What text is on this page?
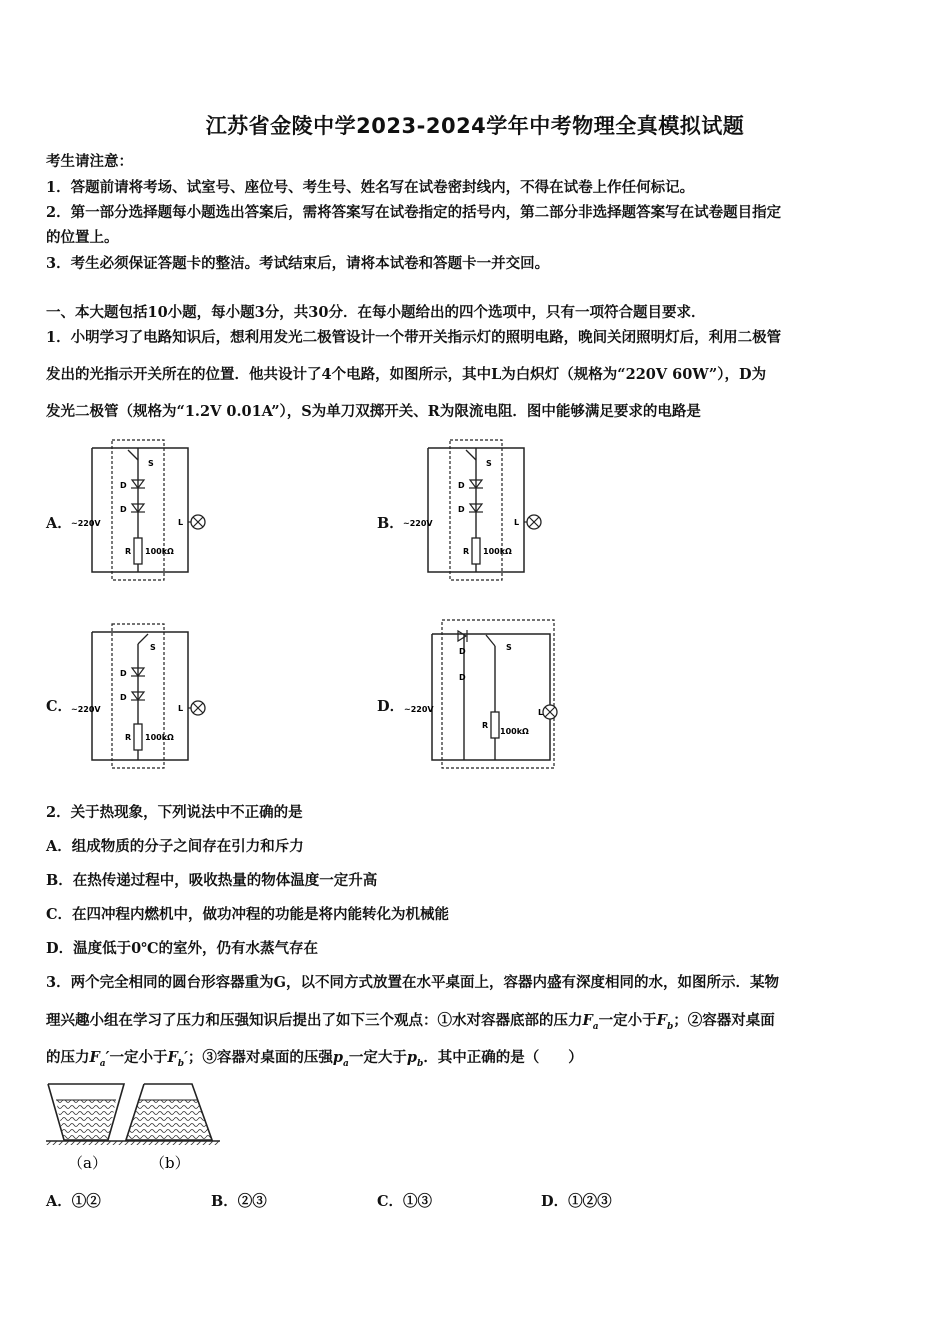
江苏省金陵中学2023-2024学年中考物理全真模拟试题
考生请注意：
1．答题前请将考场、试室号、座位号、考生号、姓名写在试卷密封线内，不得在试卷上作任何标记。
2．第一部分选择题每小题选出答案后，需将答案写在试卷指定的括号内，第二部分非选择题答案写在试卷题目指定
的位置上。
3．考生必须保证答题卡的整洁。考试结束后，请将本试卷和答题卡一并交回。
一、本大题包括10小题，每小题3分，共30分．在每小题给出的四个选项中，只有一项符合题目要求．
1．小明学习了电路知识后，想利用发光二极管设计一个带开关指示灯的照明电路，晚间关闭照明灯后，利用二极管
发出的光指示开关所在的位置．他共设计了4个电路，如图所示，其中L为白炽灯（规格为“220V 60W”），D为
发光二极管（规格为“1.2V 0.01A”），S为单刀双掷开关、R为限流电阻．图中能够满足要求的电路是
A．	B．
C．	D．
~220V
S
D
D
R 100kΩ
L	~220V
S
D
D
R 100kΩ
L
~220V
S
D
D
R 100kΩ
L	~220V
S
D
D
R
100kΩ
L
2．关于热现象，下列说法中不正确的是
A．组成物质的分子之间存在引力和斥力
B．在热传递过程中，吸收热量的物体温度一定升高
C．在四冲程内燃机中，做功冲程的功能是将内能转化为机械能
D．温度低于0℃的室外，仍有水蒸气存在
3．两个完全相同的圆台形容器重为G，以不同方式放置在水平桌面上，容器内盛有深度相同的水，如图所示．某物
理兴趣小组在学习了压力和压强知识后提出了如下三个观点：①水对容器底部的压力$F_a$一定小于$F_b$；②容器对桌面
的压力$F_a'$一定小于$F_b'$；③容器对桌面的压强$p_a$一定大于$p_b$．其中正确的是（　　）
（a）	（b）
A．①②	B．②③	C．①③	D．①②③
